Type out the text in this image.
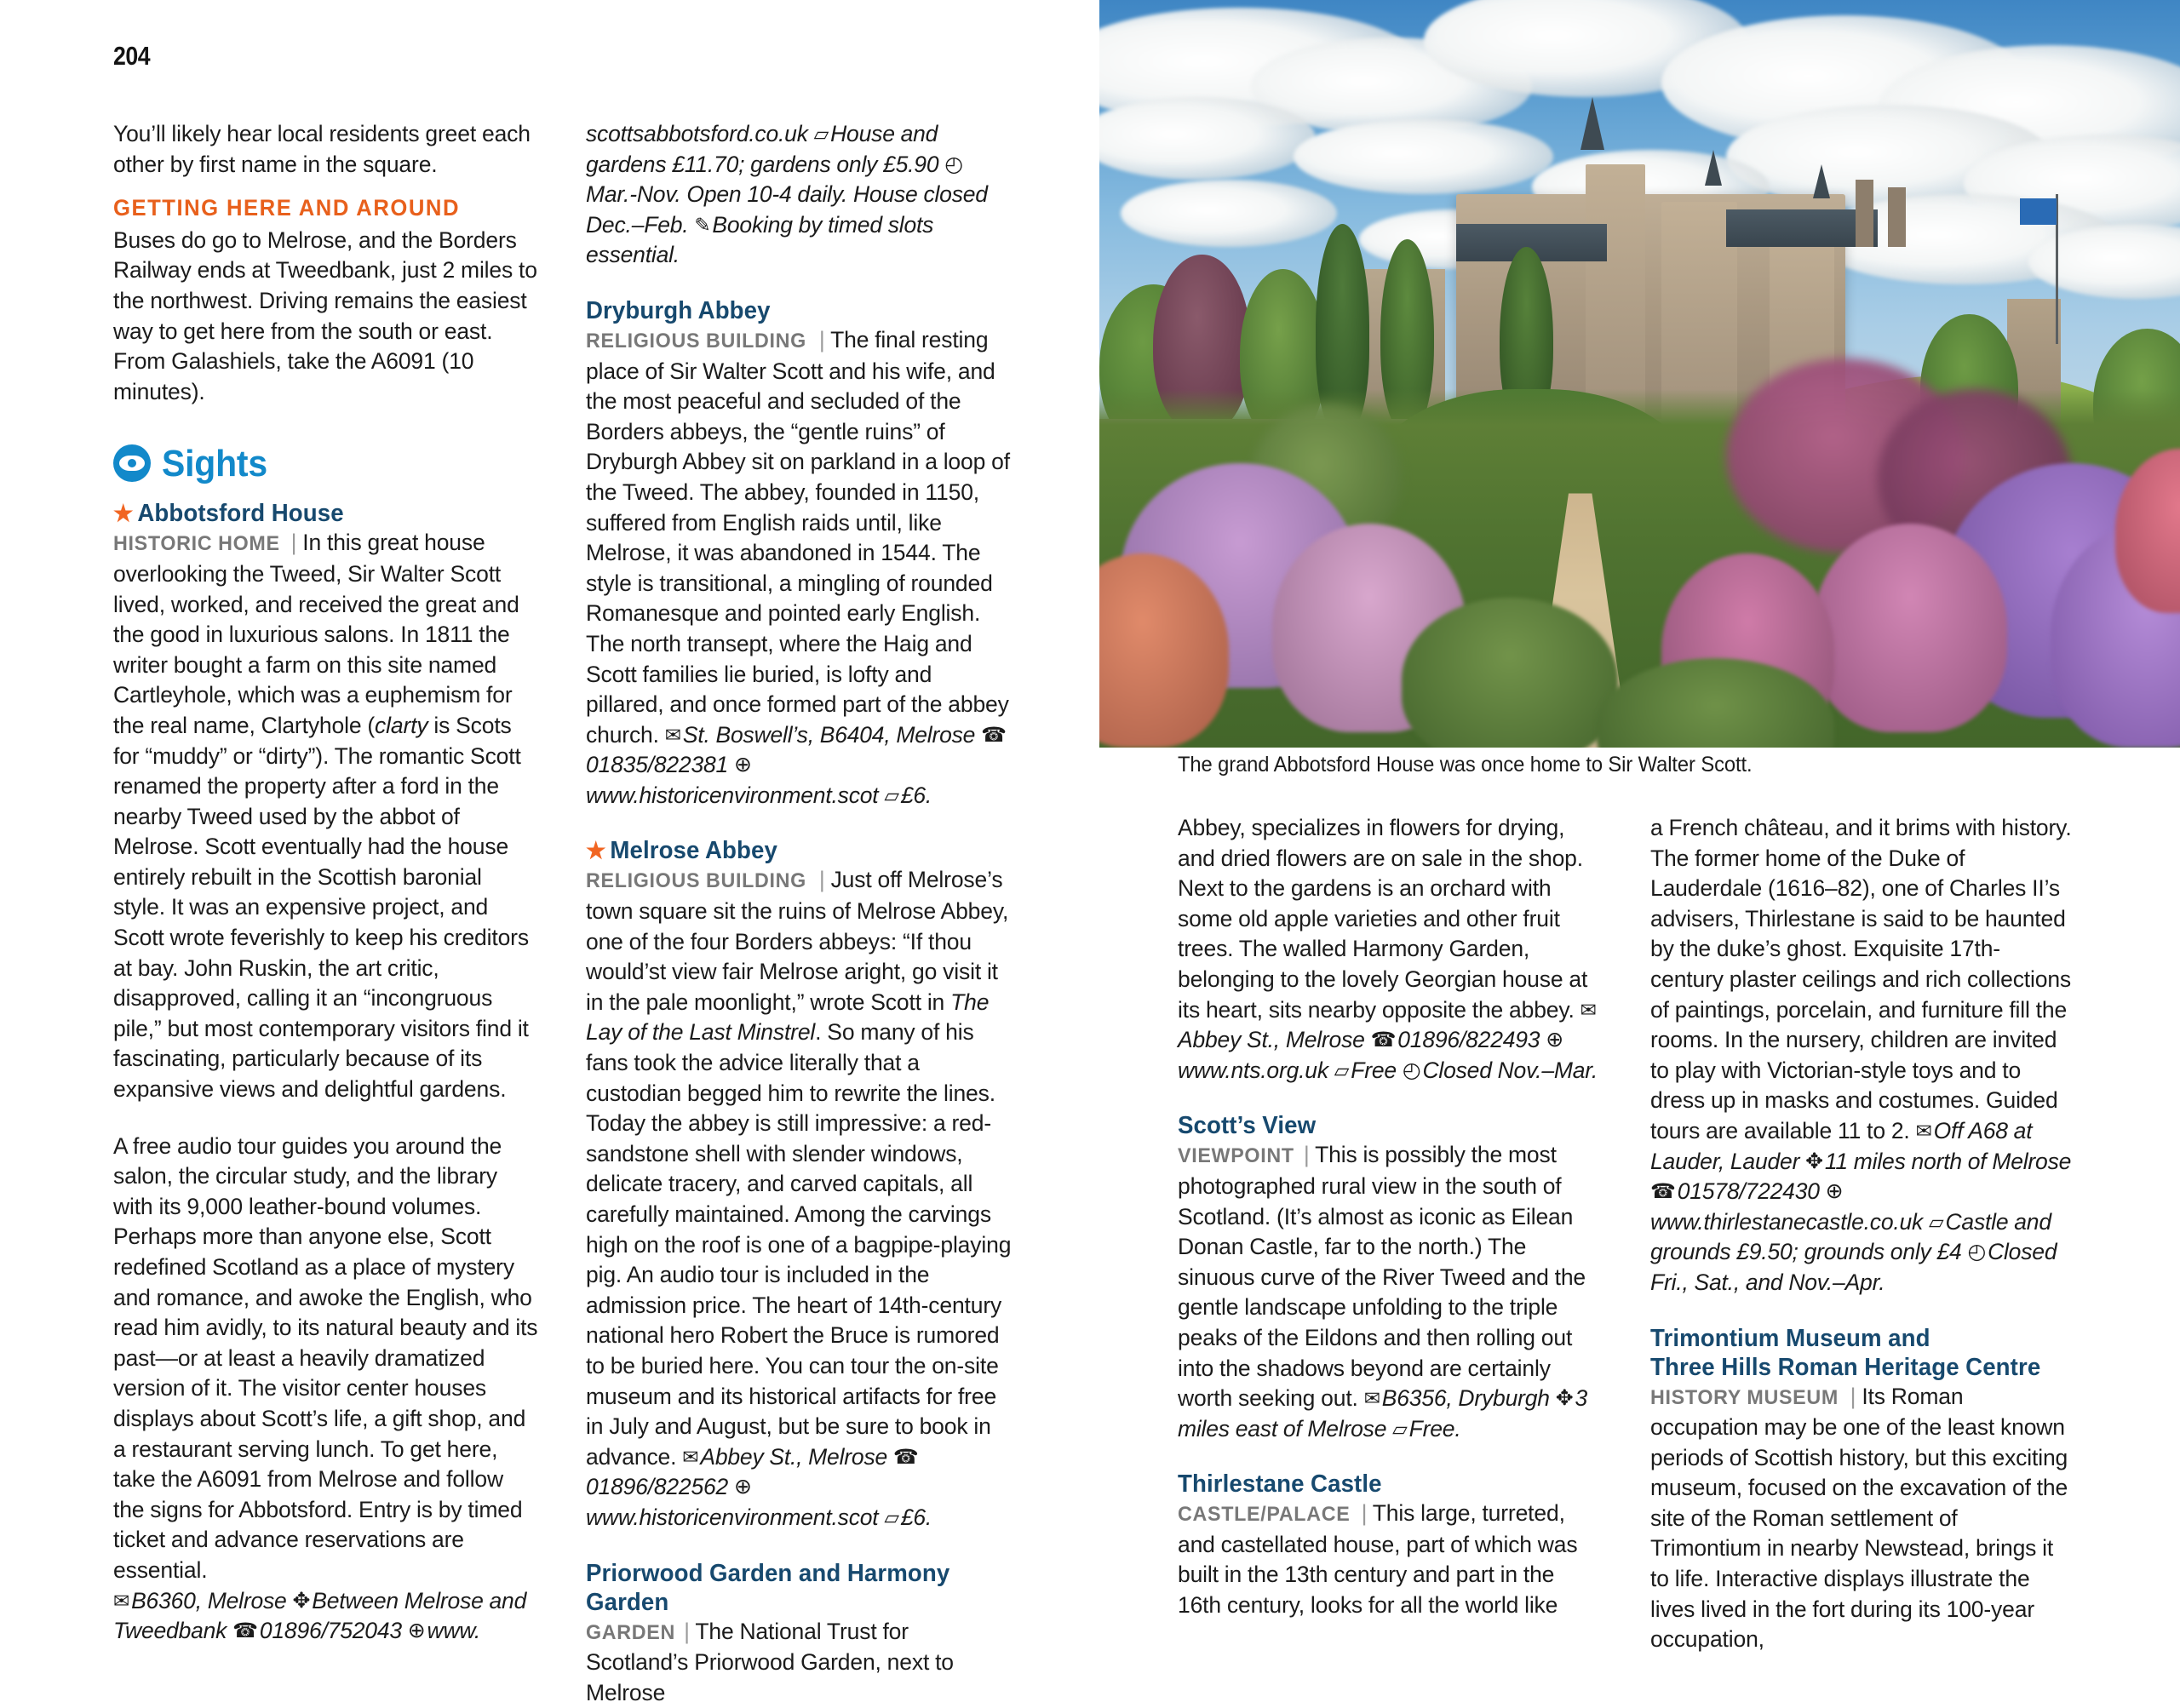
204
The grand Abbotsford House was once home to Sir Walter Scott.

You’ll likely hear local residents greet each other by first name in the square.

GETTING HERE AND AROUND

Buses do go to Melrose, and the Borders Railway ends at Tweedbank, just 2 miles to the northwest. Driving remains the easiest way to get here from the south or east. From Galashiels, take the A6091 (10 minutes).

Sights
★ Abbotsford House

HISTORIC HOME | In this great house overlooking the Tweed, Sir Walter Scott lived, worked, and received the great and the good in luxurious salons. In 1811 the writer bought a farm on this site named Cartleyhole, which was a euphemism for the real name, Clartyhole (clarty is Scots for “muddy” or “dirty”). The romantic Scott renamed the property after a ford in the nearby Tweed used by the abbot of Melrose. Scott eventually had the house entirely rebuilt in the Scottish baronial style. It was an expensive project, and Scott wrote feverishly to keep his creditors at bay. John Ruskin, the art critic, disapproved, calling it an “incongruous pile,” but most contemporary visitors find it fascinating, particularly because of its expansive views and delightful gardens.

A free audio tour guides you around the salon, the circular study, and the library with its 9,000 leather-bound volumes. Perhaps more than anyone else, Scott redefined Scotland as a place of mystery and romance, and awoke the English, who read him avidly, to its natural beauty and its past—or at least a heavily dramatized version of it. The visitor center houses displays about Scott’s life, a gift shop, and a restaurant serving lunch. To get here, take the A6091 from Melrose and follow the signs for Abbotsford. Entry is by timed ticket and advance reservations are essential.

✉B6360, Melrose ✥Between Melrose and Tweedbank ☎01896/752043 ⊕www.

scottsabbotsford.co.uk ▱House and gardens £11.70; gardens only £5.90 ◴Mar.-Nov. Open 10-4 daily. House closed Dec.–Feb. ✎Booking by timed slots essential.

Dryburgh Abbey

RELIGIOUS BUILDING | The final resting place of Sir Walter Scott and his wife, and the most peaceful and secluded of the Borders abbeys, the “gentle ruins” of Dryburgh Abbey sit on parkland in a loop of the Tweed. The abbey, founded in 1150, suffered from English raids until, like Melrose, it was abandoned in 1544. The style is transitional, a mingling of rounded Romanesque and pointed early English. The north transept, where the Haig and Scott families lie buried, is lofty and pillared, and once formed part of the abbey church. ✉St. Boswell’s, B6404, Melrose ☎01835/822381 ⊕www.historicenvironment.scot ▱£6.

★ Melrose Abbey

RELIGIOUS BUILDING | Just off Melrose’s town square sit the ruins of Melrose Abbey, one of the four Borders abbeys: “If thou would’st view fair Melrose aright, go visit it in the pale moonlight,” wrote Scott in The Lay of the Last Minstrel. So many of his fans took the advice literally that a custodian begged him to rewrite the lines. Today the abbey is still impressive: a red-sandstone shell with slender windows, delicate tracery, and carved capitals, all carefully maintained. Among the carvings high on the roof is one of a bagpipe-playing pig. An audio tour is included in the admission price. The heart of 14th-century national hero Robert the Bruce is rumored to be buried here. You can tour the on-site museum and its historical artifacts for free in July and August, but be sure to book in advance. ✉Abbey St., Melrose ☎01896/822562 ⊕www.historicenvironment.scot ▱£6.

Priorwood Garden and Harmony Garden

GARDEN | The National Trust for Scotland’s Priorwood Garden, next to Melrose

Abbey, specializes in flowers for drying, and dried flowers are on sale in the shop. Next to the gardens is an orchard with some old apple varieties and other fruit trees. The walled Harmony Garden, belonging to the lovely Georgian house at its heart, sits nearby opposite the abbey. ✉Abbey St., Melrose ☎01896/822493 ⊕www.nts.org.uk ▱Free ◴Closed Nov.–Mar.

Scott’s View

VIEWPOINT | This is possibly the most photographed rural view in the south of Scotland. (It’s almost as iconic as Eilean Donan Castle, far to the north.) The sinuous curve of the River Tweed and the gentle landscape unfolding to the triple peaks of the Eildons and then rolling out into the shadows beyond are certainly worth seeking out. ✉B6356, Dryburgh ✥3 miles east of Melrose ▱Free.

Thirlestane Castle

CASTLE/PALACE | This large, turreted, and castellated house, part of which was built in the 13th century and part in the 16th century, looks for all the world like

a French château, and it brims with history. The former home of the Duke of Lauderdale (1616–82), one of Charles II’s advisers, Thirlestane is said to be haunted by the duke’s ghost. Exquisite 17th-century plaster ceilings and rich collections of paintings, porcelain, and furniture fill the rooms. In the nursery, children are invited to play with Victorian-style toys and to dress up in masks and costumes. Guided tours are available 11 to 2. ✉Off A68 at Lauder, Lauder ✥11 miles north of Melrose ☎01578/722430 ⊕www.thirlestanecastle.co.uk ▱Castle and grounds £9.50; grounds only £4 ◴Closed Fri., Sat., and Nov.–Apr.

Trimontium Museum and
Three Hills Roman Heritage Centre

HISTORY MUSEUM | Its Roman occupation may be one of the least known periods of Scottish history, but this exciting museum, focused on the excavation of the site of the Roman settlement of Trimontium in nearby Newstead, brings it to life. Interactive displays illustrate the lives lived in the fort during its 100-year occupation,
